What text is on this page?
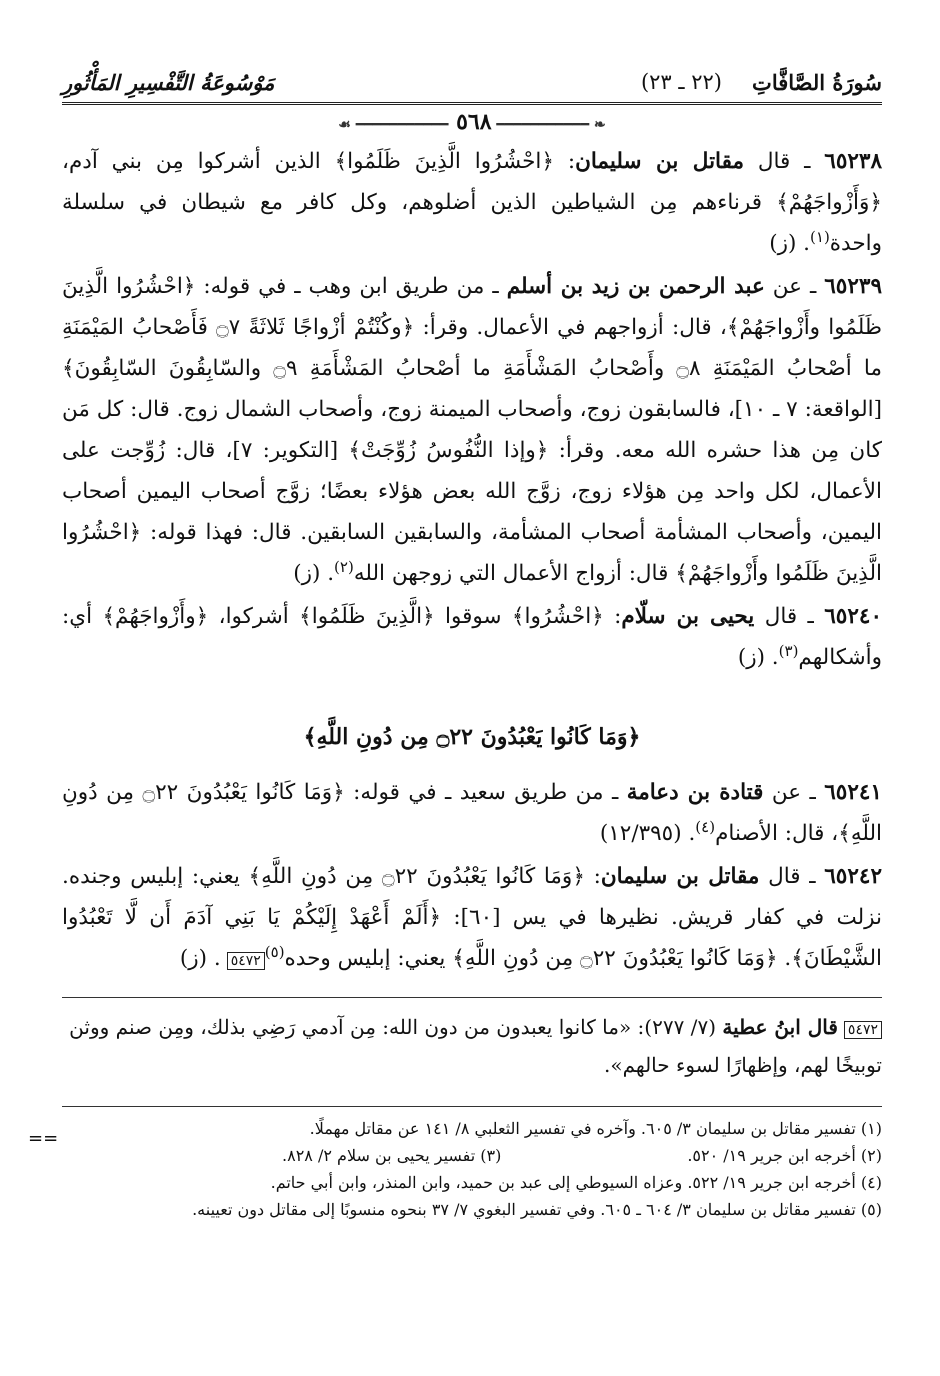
سُورَةُ الصَّافَّاتِ
(٢٢ ـ ٢٣)
مَوْسُوعَةُ التَّفْسِيرِ المَأْثُورِ
❧ ━━━━━━━━━━━ ٥٦٨ ━━━━━━━━━━━ ☙

٦٥٢٣٨ ـ قال مقاتل بن سليمان: ﴿احْشُرُوا الَّذِينَ ظَلَمُوا﴾ الذين أشركوا مِن بني آدم، ﴿وَأَزْواجَهُمْ﴾ قرناءهم مِن الشياطين الذين أضلوهم، وكل كافر مع شيطان في سلسلة واحدة$^{(١)}$. (ز)

٦٥٢٣٩ ـ عن عبد الرحمن بن زيد بن أسلم ـ من طريق ابن وهب ـ في قوله: ﴿احْشُرُوا الَّذِينَ ظَلَمُوا وأَزْواجَهُمْ﴾، قال: أزواجهم في الأعمال. وقرأ: ﴿وكُنْتُمْ أزْواجًا ثَلاثَةً ۝٧ فَأَصْحابُ المَيْمَنَةِ ما أصْحابُ المَيْمَنَةِ ۝٨ وأَصْحابُ المَشْأَمَةِ ما أصْحابُ المَشْأَمَةِ ۝٩ والسّابِقُونَ السّابِقُونَ﴾ [الواقعة: ٧ ـ ١٠]، فالسابقون زوج، وأصحاب الميمنة زوج، وأصحاب الشمال زوج. قال: كل مَن كان مِن هذا حشره الله معه. وقرأ: ﴿وإذا النُّفُوسُ زُوِّجَتْ﴾ [التكوير: ٧]، قال: زُوِّجت على الأعمال، لكل واحد مِن هؤلاء زوج، زوَّج الله بعض هؤلاء بعضًا؛ زوَّج أصحاب اليمين أصحاب اليمين، وأصحاب المشأمة أصحاب المشأمة، والسابقين السابقين. قال: فهذا قوله: ﴿احْشُرُوا الَّذِينَ ظَلَمُوا وأَزْواجَهُمْ﴾ قال: أزواج الأعمال التي زوجهن الله$^{(٢)}$. (ز)

٦٥٢٤٠ ـ قال يحيى بن سلّام: ﴿احْشُرُوا﴾ سوقوا ﴿الَّذِينَ ظَلَمُوا﴾ أشركوا، ﴿وأَزْواجَهُمْ﴾ أي: وأشكالهم$^{(٣)}$. (ز)

﴿وَمَا كَانُوا يَعْبُدُونَ ۝٢٢ مِن دُونِ اللَّهِ﴾

٦٥٢٤١ ـ عن قتادة بن دعامة ـ من طريق سعيد ـ في قوله: ﴿وَمَا كَانُوا يَعْبُدُونَ ۝٢٢ مِن دُونِ اللَّهِ﴾، قال: الأصنام$^{(٤)}$. (١٢/٣٩٥)

٦٥٢٤٢ ـ قال مقاتل بن سليمان: ﴿وَمَا كَانُوا يَعْبُدُونَ ۝٢٢ مِن دُونِ اللَّهِ﴾ يعني: إبليس وجنده. نزلت في كفار قريش. نظيرها في يس [٦٠]: ﴿أَلَمْ أَعْهَدْ إِلَيْكُمْ يَا بَنِي آدَمَ أَن لَّا تَعْبُدُوا الشَّيْطَانَ﴾. ﴿وَمَا كَانُوا يَعْبُدُونَ ۝٢٢ مِن دُونِ اللَّهِ﴾ يعني: إبليس وحده$^{(٥)}$٥٤٧٢. (ز)

٥٤٧٢قال ابنُ عطية (٧/ ٢٧٧): «ما كانوا يعبدون من دون الله: مِن آدمي رَضِي بذلك، ومِن صنم ووثن توبيخًا لهم، وإظهارًا لسوء حالهم».
(١) تفسير مقاتل بن سليمان ٣/ ٦٠٥. وآخره في تفسير الثعلبي ٨/ ١٤١ عن مقاتل مهملًا.
(٢) أخرجه ابن جرير ١٩/ ٥٢٠.
(٣) تفسير يحيى بن سلام ٢/ ٨٢٨.
(٤) أخرجه ابن جرير ١٩/ ٥٢٢. وعزاه السيوطي إلى عبد بن حميد، وابن المنذر، وابن أبي حاتم.
(٥) تفسير مقاتل بن سليمان ٣/ ٦٠٤ ـ ٦٠٥. وفي تفسير البغوي ٧/ ٣٧ بنحوه منسوبًا إلى مقاتل دون تعيينه.
==
